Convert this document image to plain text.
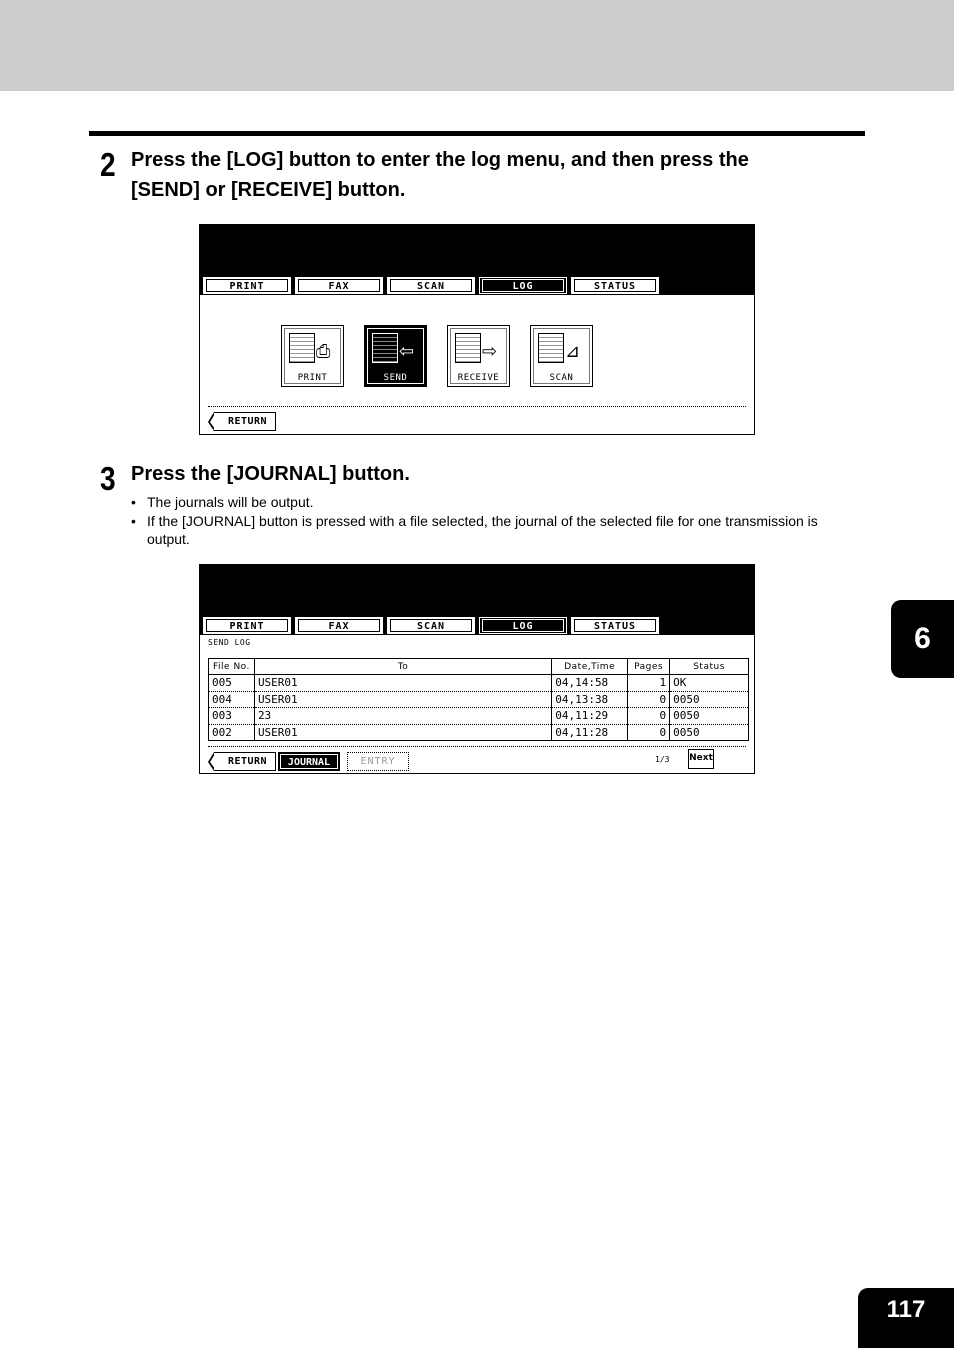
2 Press the [LOG] button to enter the log menu, and then press the
[SEND] or [RECEIVE] button.
PRINT	FAX	SCAN	LOG	STATUS
⎙
PRINT
⇦
SEND
⇨
RECEIVE
⊿
SCAN
RETURN
3 Press the [JOURNAL] button.
• The journals will be output.
• If the [JOURNAL] button is pressed with a file selected, the journal of the selected file for one transmission is output.
PRINT	FAX	SCAN	LOG	STATUS
SEND LOG
File No.	To	Date,Time	Pages	Status
005	USER01	04,14:58	1	OK
004	USER01	04,13:38	0	0050
003	23	04,11:29	0	0050
002	USER01	04,11:28	0	0050
RETURN	JOURNAL	ENTRY	1/3 Next
6
117
